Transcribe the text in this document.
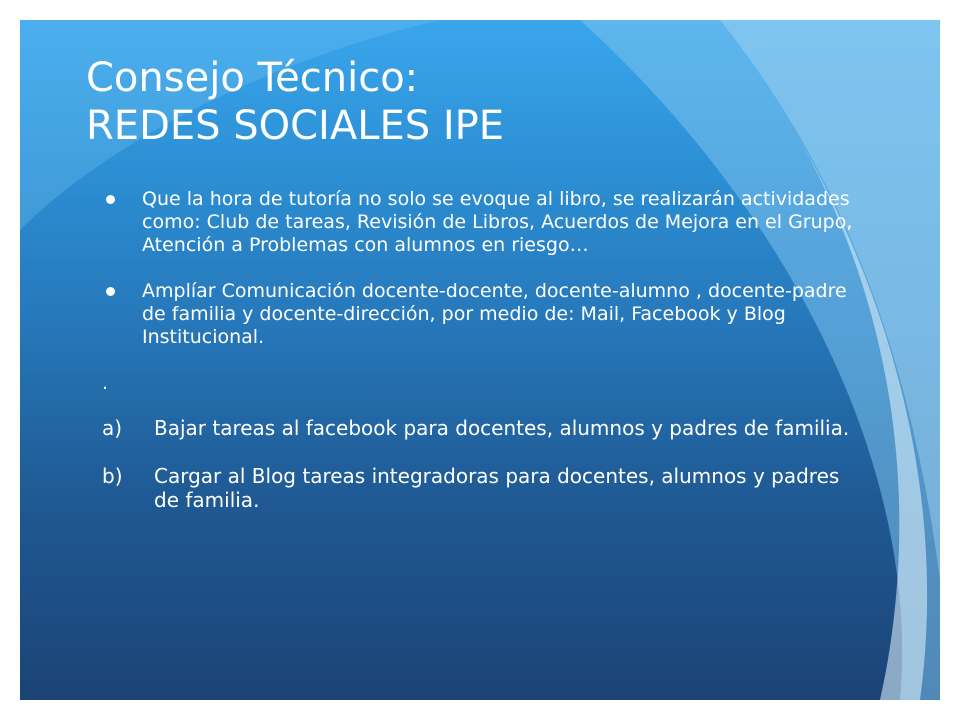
Consejo Técnico:
REDES SOCIALES IPE
Que la hora de tutoría no solo se evoque al libro, se realizarán actividades como: Club de tareas, Revisión de Libros, Acuerdos de Mejora en el Grupo, Atención a Problemas con alumnos en riesgo…
Amplíar Comunicación docente-docente, docente-alumno , docente-padre de familia y docente-dirección, por medio de: Mail, Facebook y Blog Institucional.
.
a) Bajar tareas al facebook para docentes, alumnos y padres de familia.
b) Cargar al Blog tareas integradoras para docentes, alumnos y padres de familia.
